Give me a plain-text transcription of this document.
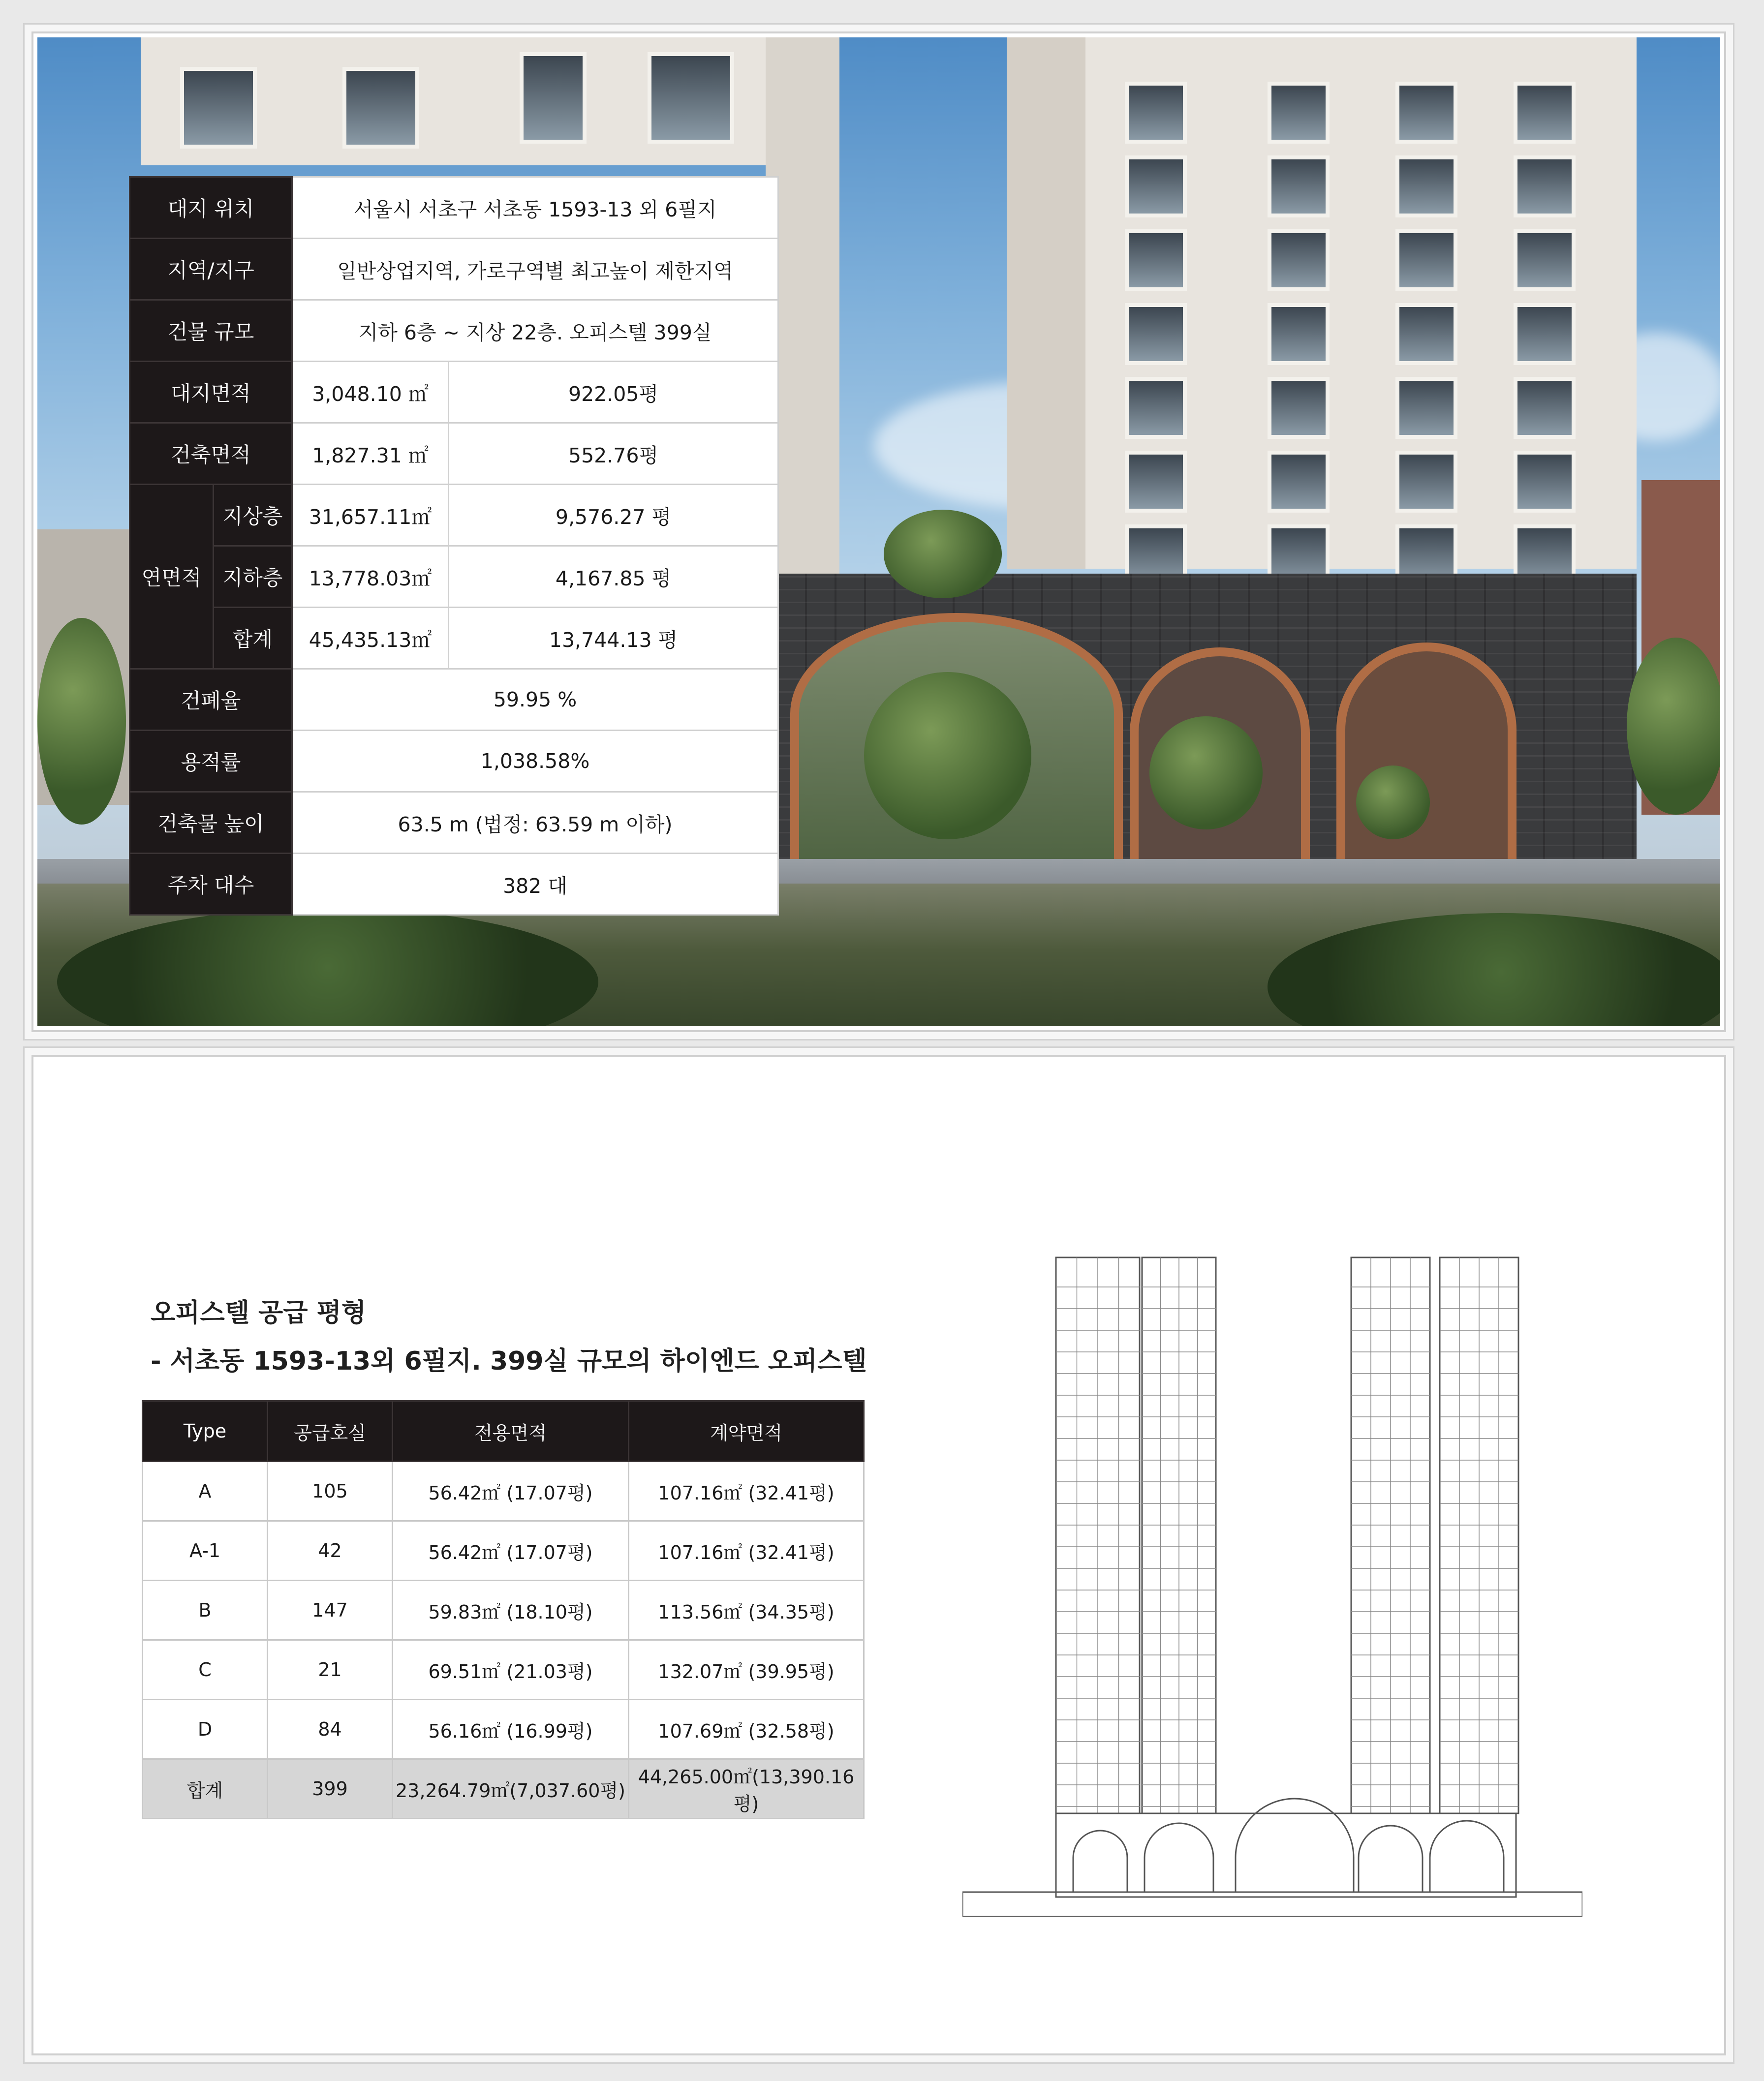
대지 위치		서울시 서초구 서초동 1593-13 외 6필지	
지역/지구		일반상업지역, 가로구역별 최고높이 제한지역	
건물 규모		지하 6층 ~ 지상 22층. 오피스텔 399실	
대지면적		3,048.10 ㎡	922.05평
건축면적		1,827.31 ㎡	552.76평
연면적	지상층	31,657.11㎡	9,576.27 평
	지하층	13,778.03㎡	4,167.85 평
	합계	45,435.13㎡	13,744.13 평
건폐율		59.95 %	
용적률		1,038.58%	
건축물 높이		63.5 m (법정: 63.59 m 이하)	
주차 대수		382 대	
오피스텔 공급 평형
- 서초동 1593-13외 6필지. 399실 규모의 하이엔드 오피스텔
Type	공급호실	전용면적	계약면적
A	105	56.42㎡ (17.07평)	107.16㎡ (32.41평)
A-1	42	56.42㎡ (17.07평)	107.16㎡ (32.41평)
B	147	59.83㎡ (18.10평)	113.56㎡ (34.35평)
C	21	69.51㎡ (21.03평)	132.07㎡ (39.95평)
D	84	56.16㎡ (16.99평)	107.69㎡ (32.58평)
합계	399	23,264.79㎡(7,037.60평)	44,265.00㎡(13,390.16평)
